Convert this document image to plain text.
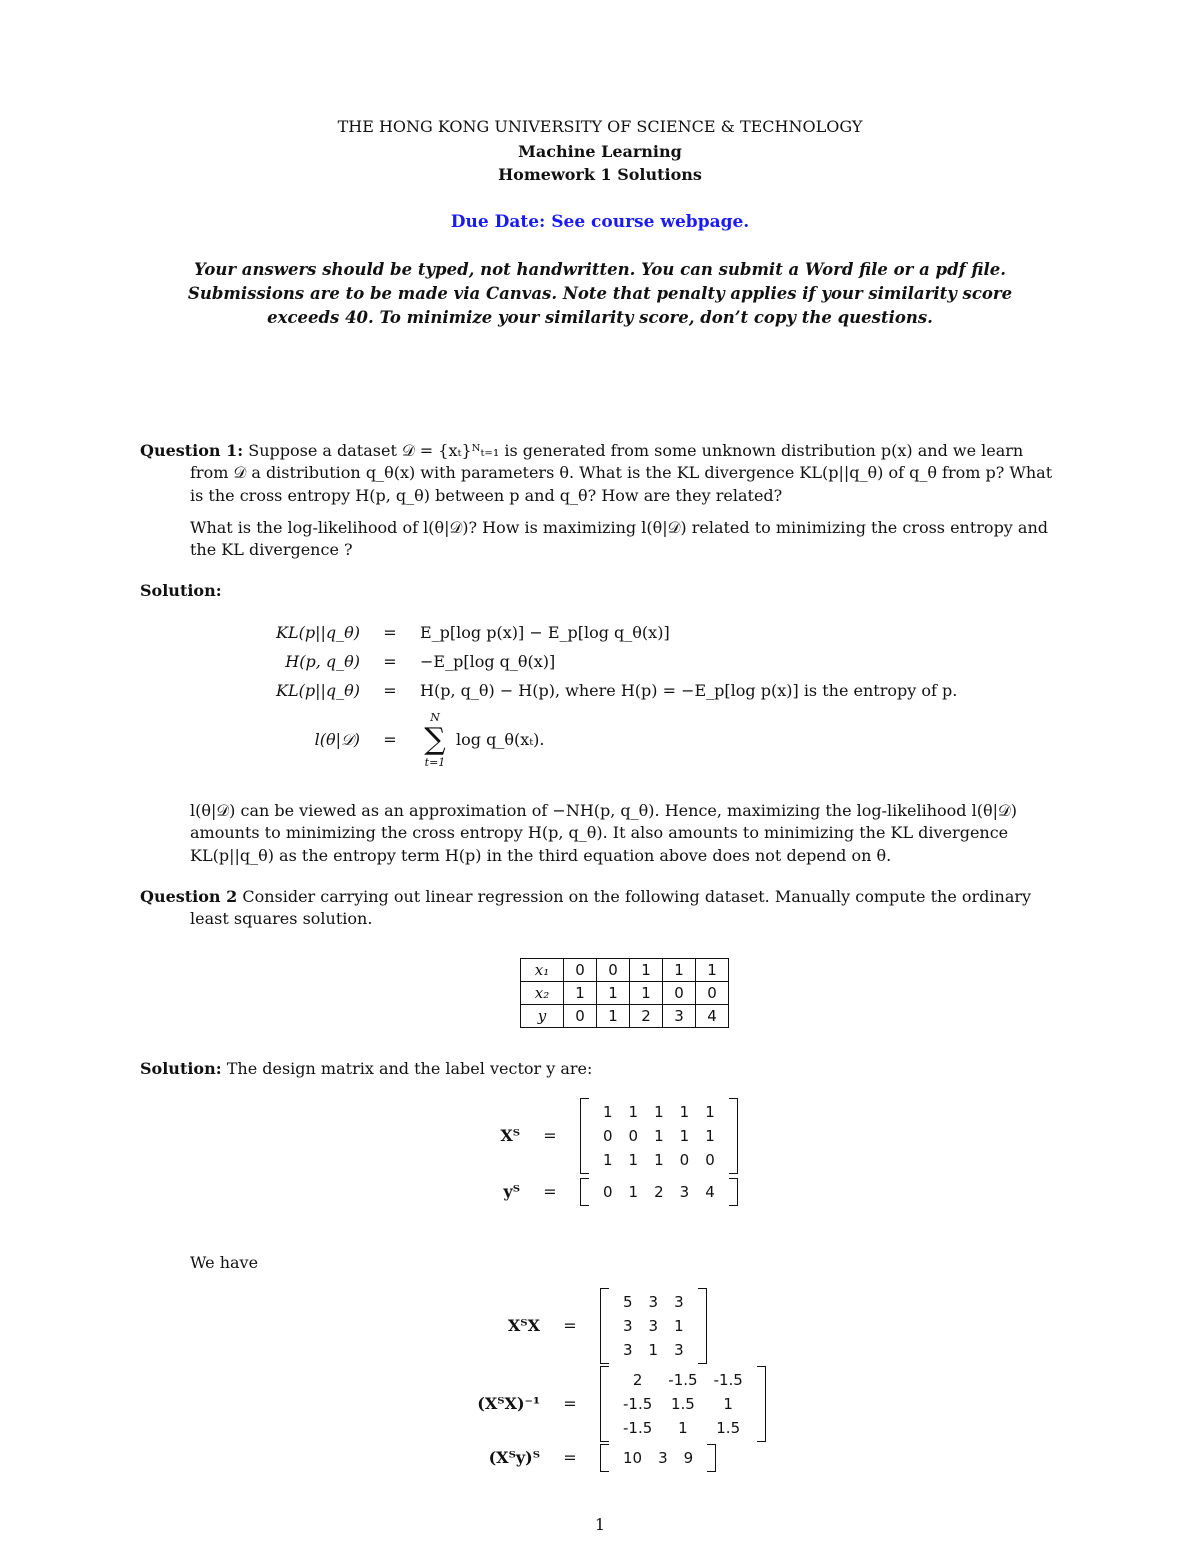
THE HONG KONG UNIVERSITY OF SCIENCE & TECHNOLOGY
Machine Learning
Homework 1 Solutions
Due Date: See course webpage.
Your answers should be typed, not handwritten. You can submit a Word file or a pdf file.
Submissions are to be made via Canvas. Note that penalty applies if your similarity score
exceeds 40. To minimize your similarity score, don’t copy the questions.
Question 1: Suppose a dataset 𝒟 = {xₜ}ᴺₜ₌₁ is generated from some unknown distribution p(x) and we learn from 𝒟 a distribution q_θ(x) with parameters θ. What is the KL divergence KL(p||q_θ) of q_θ from p? What is the cross entropy H(p, q_θ) between p and q_θ? How are they related?
What is the log-likelihood of l(θ|𝒟)? How is maximizing l(θ|𝒟) related to minimizing the cross entropy and the KL divergence ?
Solution:
KL(p||q_θ)	=	E_p[log p(x)] − E_p[log q_θ(x)]
H(p, q_θ)	=	−E_p[log q_θ(x)]
KL(p||q_θ)	=	H(p, q_θ) − H(p), where H(p) = −E_p[log p(x)] is the entropy of p.
l(θ|𝒟)	=
N
∑
t=1
log q_θ(xₜ).
l(θ|𝒟) can be viewed as an approximation of −NH(p, q_θ). Hence, maximizing the log-likelihood l(θ|𝒟) amounts to minimizing the cross entropy H(p, q_θ). It also amounts to minimizing the KL divergence KL(p||q_θ) as the entropy term H(p) in the third equation above does not depend on θ.
Question 2 Consider carrying out linear regression on the following dataset. Manually compute the ordinary least squares solution.
x₁	0	0	1	1	1
x₂	1	1	1	0	0
y	0	1	2	3	4
Solution: The design matrix and the label vector y are:
Xᵀ	=
1	1	1	1	1
0	0	1	1	1
1	1	1	0	0
yᵀ	=	0	1	2	3	4
We have
XᵀX	=
5	3	3
3	3	1
3	1	3
(XᵀX)⁻¹	=
2	-1.5	-1.5
-1.5	1.5	1
-1.5	1	1.5
(Xᵀy)ᵀ	=	10	3	9
1
